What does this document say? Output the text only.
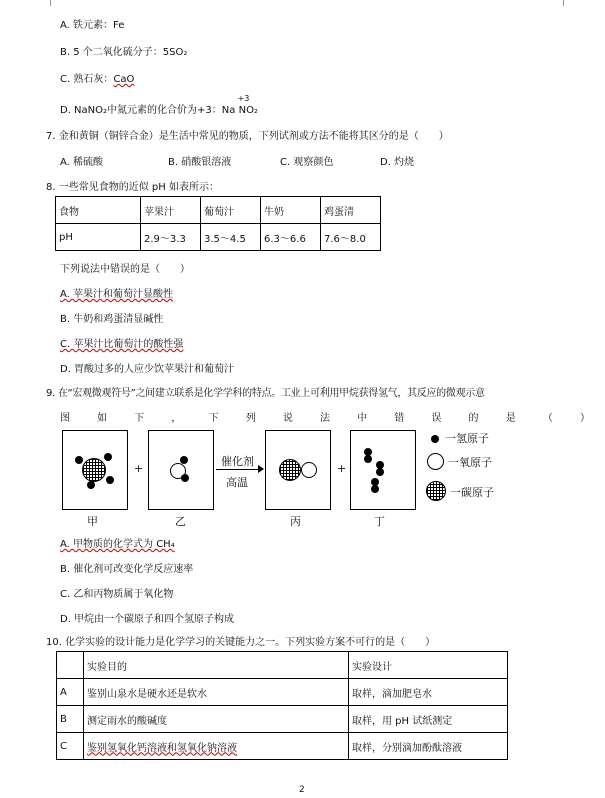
A. 铁元素：Fe
B. 5 个二氧化硫分子：5SO₂
C. 熟石灰：CaO
D. NaNO₂中氮元素的化合价为+3：Na
+3
NO₂
7. 金和黄铜（铜锌合金）是生活中常见的物质，下列试剂或方法不能将其区分的是（　　）
A. 稀硫酸	B. 硝酸银溶液	C. 观察颜色	D. 灼烧
8. 一些常见食物的近似 pH 如表所示：
食物	苹果汁	葡萄汁	牛奶	鸡蛋清
pH	2.9～3.3	3.5～4.5	6.3～6.6	7.6～8.0
下列说法中错误的是（　　）
A. 苹果汁和葡萄汁显酸性
B. 牛奶和鸡蛋清显碱性
C. 苹果汁比葡萄汁的酸性强
D. 胃酸过多的人应少饮苹果汁和葡萄汁
9. 在“宏观微观符号”之间建立联系是化学学科的特点。工业上可利用甲烷获得氢气，其反应的微观示意
图	如	下	，	下	列	说	法	中	错	误	的	是	（	）
+
催化剂
高温
+
一氢原子
一氧原子
一碳原子
甲	乙	丙	丁
A. 甲物质的化学式为 CH₄
B. 催化剂可改变化学反应速率
C. 乙和丙物质属于氧化物
D. 甲烷由一个碳原子和四个氢原子构成
10. 化学实验的设计能力是化学学习的关键能力之一。下列实验方案不可行的是（　　）
	实验目的	实验设计
A	鉴别山泉水是硬水还是软水	取样，滴加肥皂水
B	测定雨水的酸碱度	取样，用 pH 试纸测定
C	鉴别氢氧化钙溶液和氢氧化钠溶液	取样，分别滴加酚酞溶液
2
